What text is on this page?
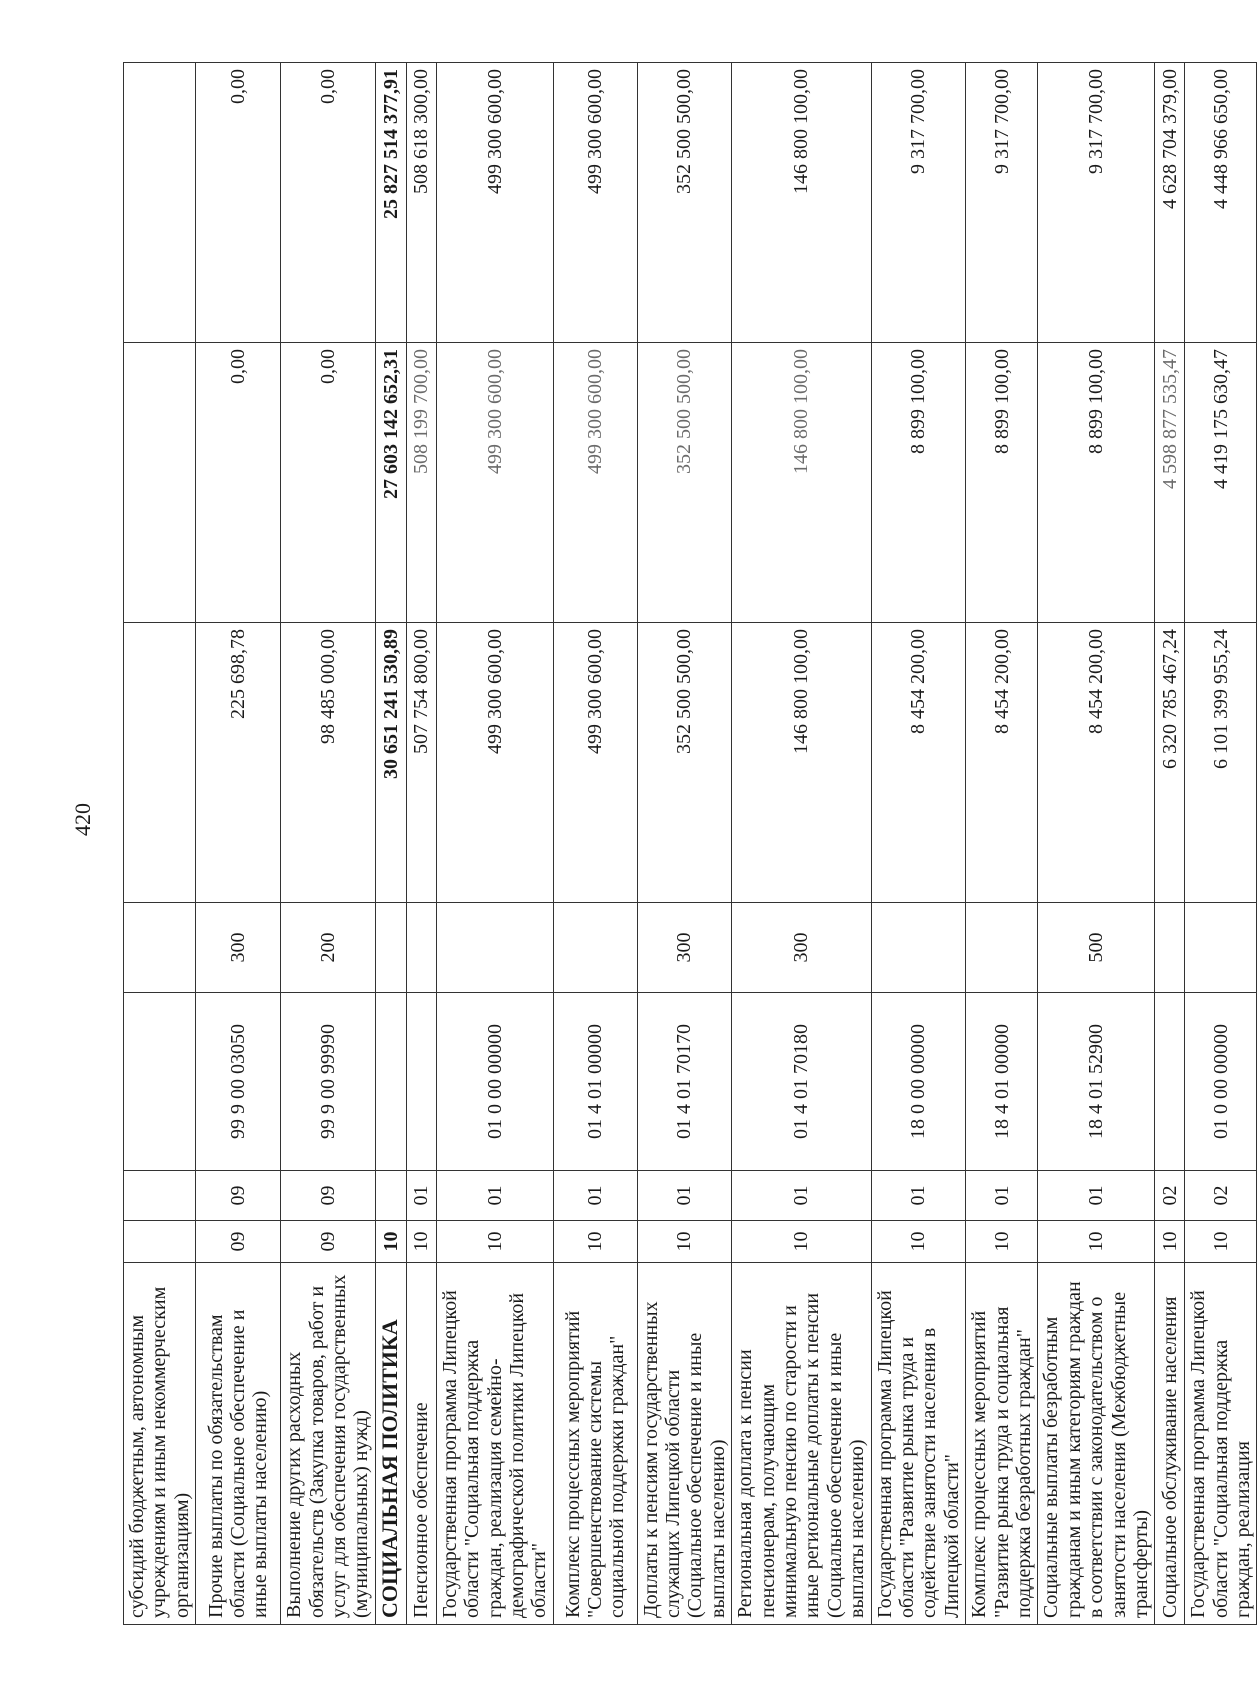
420
субсидий бюджетным, автономным учреждениям и иным некоммерческим организациям)							
Прочие выплаты по обязательствам области (Социальное обеспечение и иные выплаты населению)	09	09	99 9 00 03050	300	225 698,78	0,00	0,00
Выполнение других расходных обязательств (Закупка товаров, работ и услуг для обеспечения государственных (муниципальных) нужд)	09	09	99 9 00 99990	200	98 485 000,00	0,00	0,00
СОЦИАЛЬНАЯ ПОЛИТИКА	10				30 651 241 530,89	27 603 142 652,31	25 827 514 377,91
Пенсионное обеспечение	10	01			507 754 800,00	508 199 700,00	508 618 300,00
Государственная программа Липецкой области "Социальная поддержка граждан, реализация семейно-демографической политики Липецкой области"	10	01	01 0 00 00000		499 300 600,00	499 300 600,00	499 300 600,00
Комплекс процессных мероприятий "Совершенствование системы социальной поддержки граждан"	10	01	01 4 01 00000		499 300 600,00	499 300 600,00	499 300 600,00
Доплаты к пенсиям государственных служащих Липецкой области (Социальное обеспечение и иные выплаты населению)	10	01	01 4 01 70170	300	352 500 500,00	352 500 500,00	352 500 500,00
Региональная доплата к пенсии пенсионерам, получающим минимальную пенсию по старости и иные региональные доплаты к пенсии (Социальное обеспечение и иные выплаты населению)	10	01	01 4 01 70180	300	146 800 100,00	146 800 100,00	146 800 100,00
Государственная программа Липецкой области "Развитие рынка труда и содействие занятости населения в Липецкой области"	10	01	18 0 00 00000		8 454 200,00	8 899 100,00	9 317 700,00
Комплекс процессных мероприятий "Развитие рынка труда и социальная поддержка безработных граждан"	10	01	18 4 01 00000		8 454 200,00	8 899 100,00	9 317 700,00
Социальные выплаты безработным гражданам и иным категориям граждан в соответствии с законодательством о занятости населения (Межбюджетные трансферты)	10	01	18 4 01 52900	500	8 454 200,00	8 899 100,00	9 317 700,00
Социальное обслуживание населения	10	02			6 320 785 467,24	4 598 877 535,47	4 628 704 379,00
Государственная программа Липецкой области "Социальная поддержка граждан, реализация	10	02	01 0 00 00000		6 101 399 955,24	4 419 175 630,47	4 448 966 650,00
